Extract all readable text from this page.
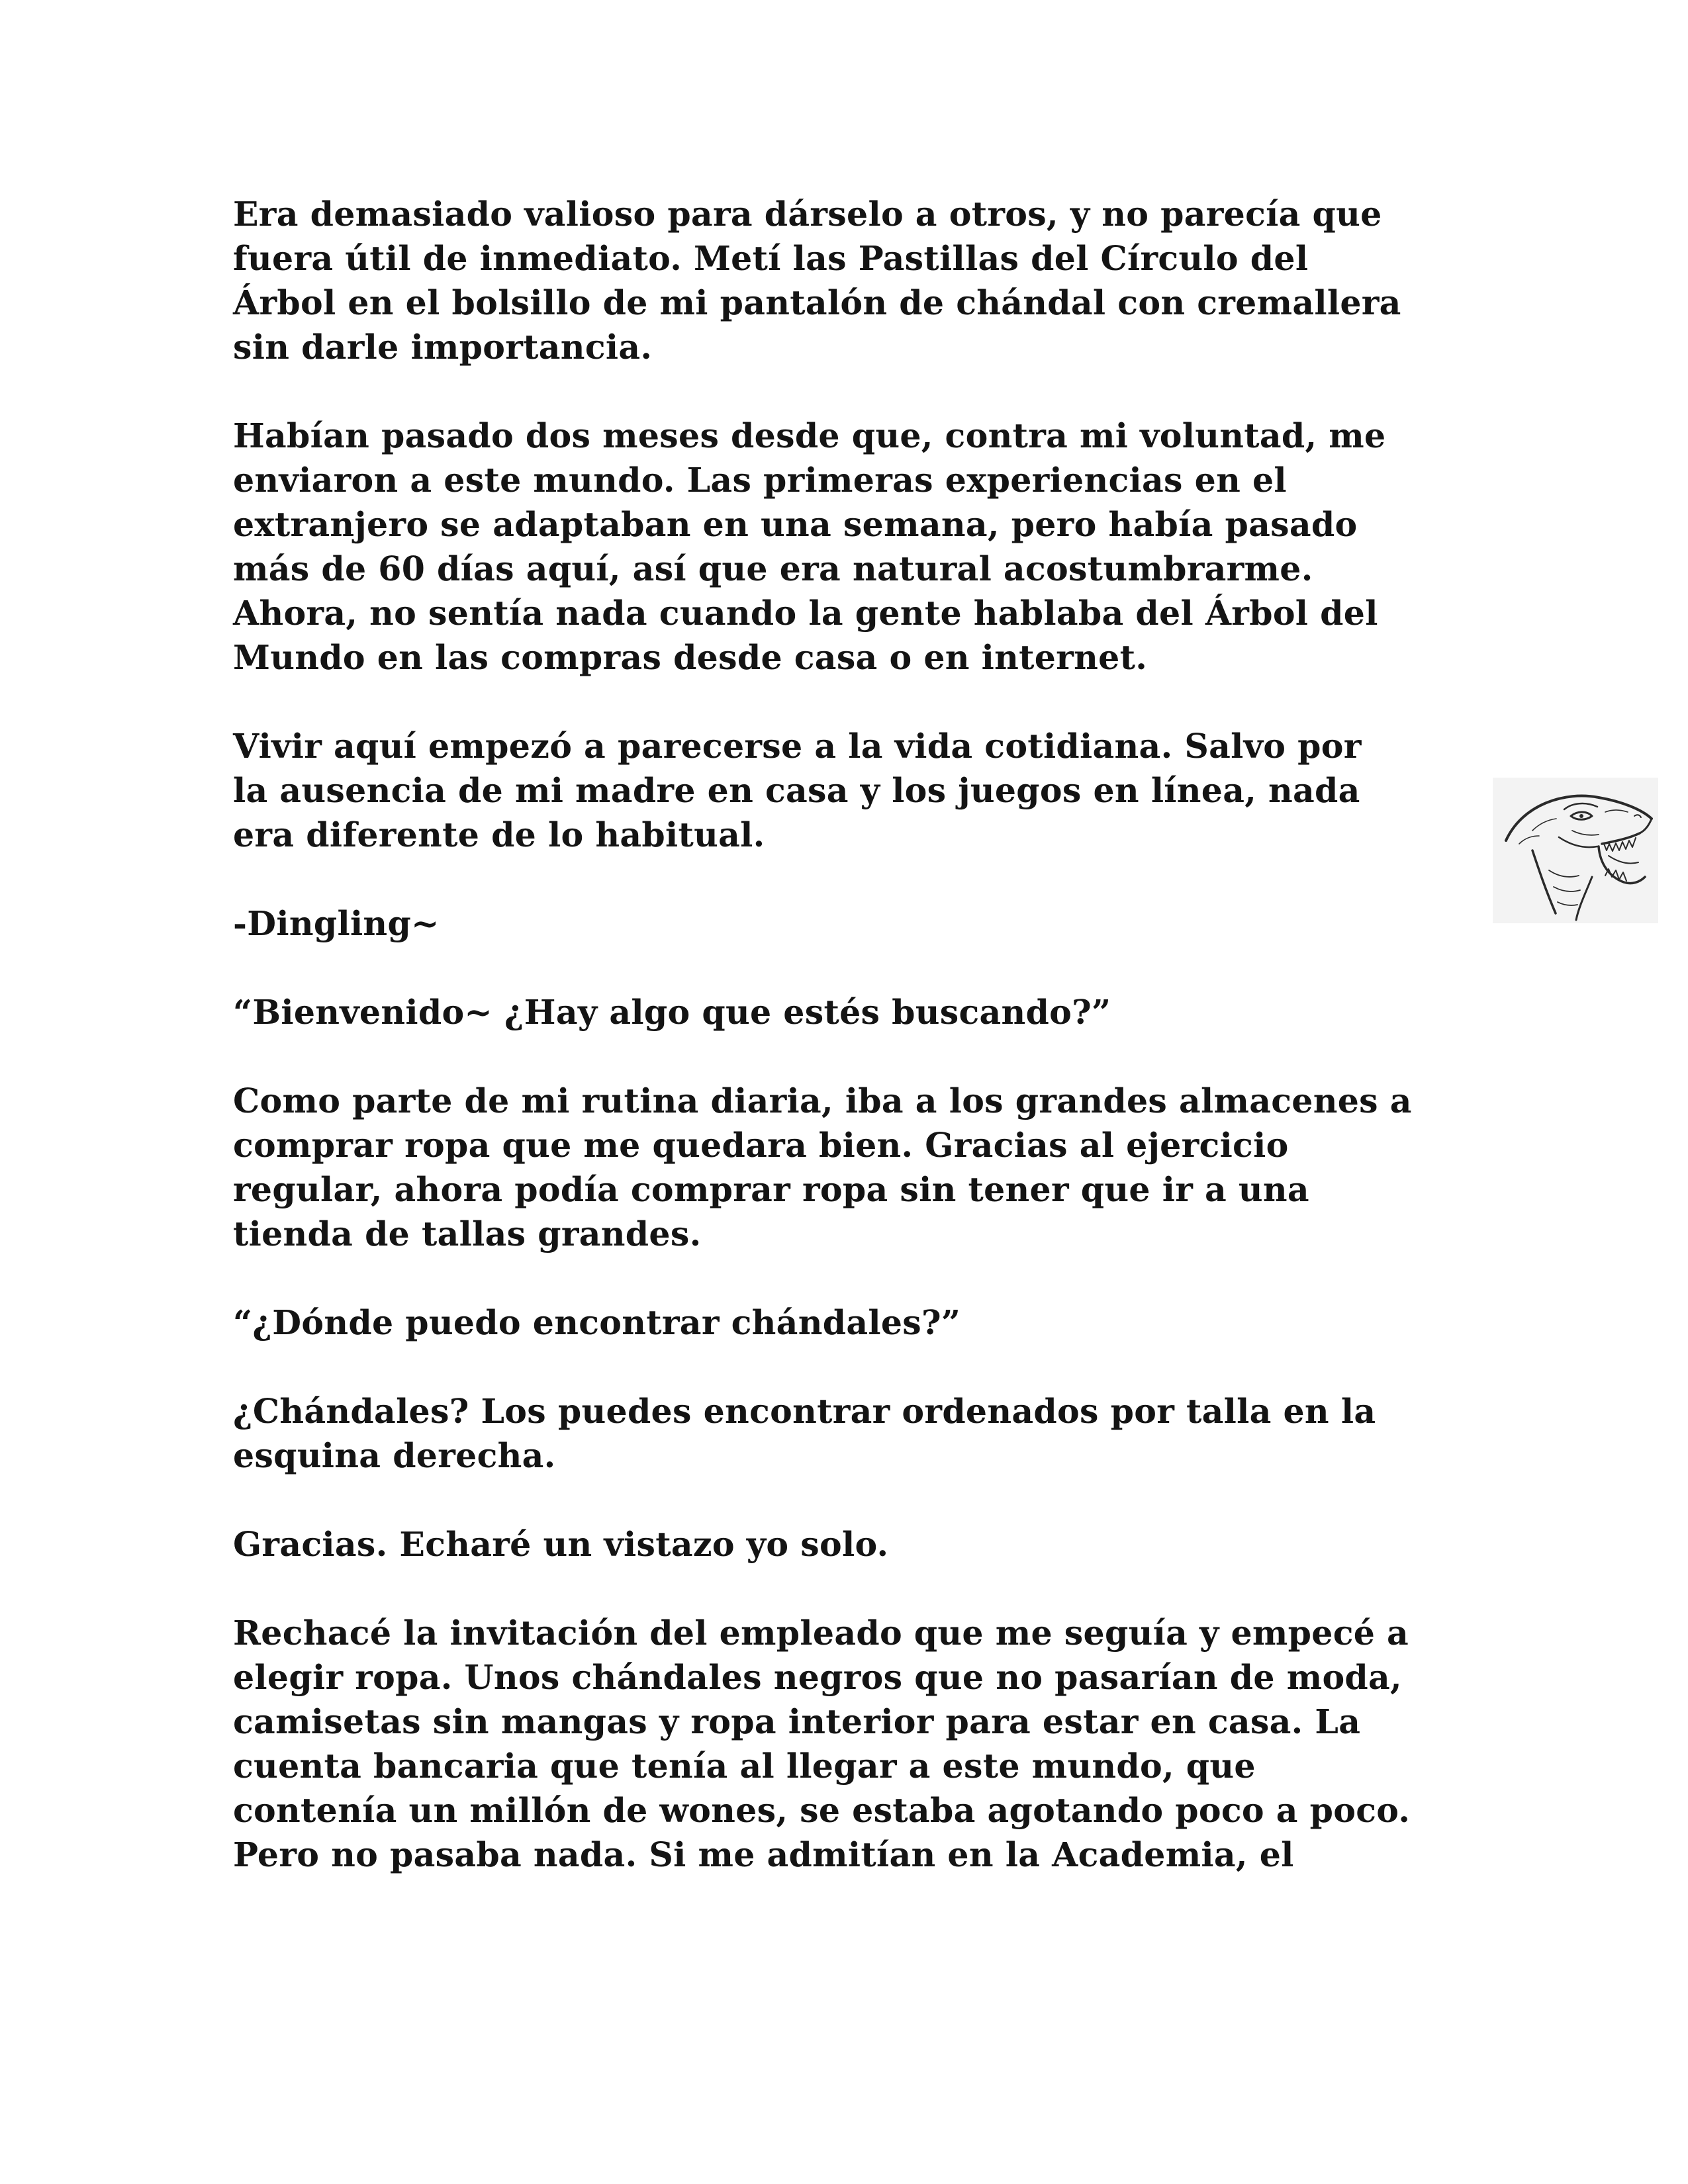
Era demasiado valioso para dárselo a otros, y no parecía que
fuera útil de inmediato. Metí las Pastillas del Círculo del
Árbol en el bolsillo de mi pantalón de chándal con cremallera
sin darle importancia.

Habían pasado dos meses desde que, contra mi voluntad, me
enviaron a este mundo. Las primeras experiencias en el
extranjero se adaptaban en una semana, pero había pasado
más de 60 días aquí, así que era natural acostumbrarme.
Ahora, no sentía nada cuando la gente hablaba del Árbol del
Mundo en las compras desde casa o en internet.

Vivir aquí empezó a parecerse a la vida cotidiana. Salvo por
la ausencia de mi madre en casa y los juegos en línea, nada
era diferente de lo habitual.

-Dingling~

“Bienvenido~ ¿Hay algo que estés buscando?”

Como parte de mi rutina diaria, iba a los grandes almacenes a
comprar ropa que me quedara bien. Gracias al ejercicio
regular, ahora podía comprar ropa sin tener que ir a una
tienda de tallas grandes.

“¿Dónde puedo encontrar chándales?”

¿Chándales? Los puedes encontrar ordenados por talla en la
esquina derecha.

Gracias. Echaré un vistazo yo solo.

Rechacé la invitación del empleado que me seguía y empecé a
elegir ropa. Unos chándales negros que no pasarían de moda,
camisetas sin mangas y ropa interior para estar en casa. La
cuenta bancaria que tenía al llegar a este mundo, que
contenía un millón de wones, se estaba agotando poco a poco.
Pero no pasaba nada. Si me admitían en la Academia, el
